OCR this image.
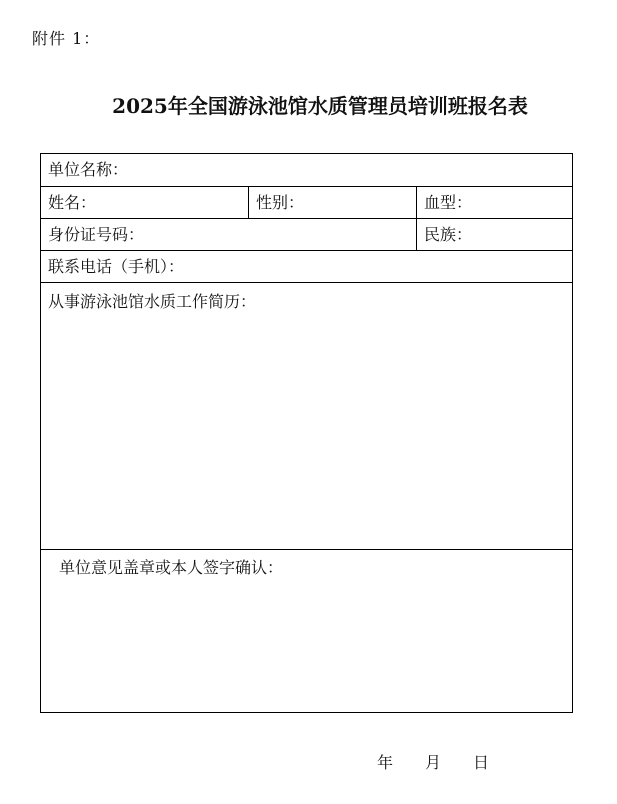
附件 1：
2025年全国游泳池馆水质管理员培训班报名表
单位名称：		
姓名：	性别：	血型：
身份证号码：		民族：
联系电话（手机）：		
从事游泳池馆水质工作简历：		
单位意见盖章或本人签字确认：		
年 月 日
